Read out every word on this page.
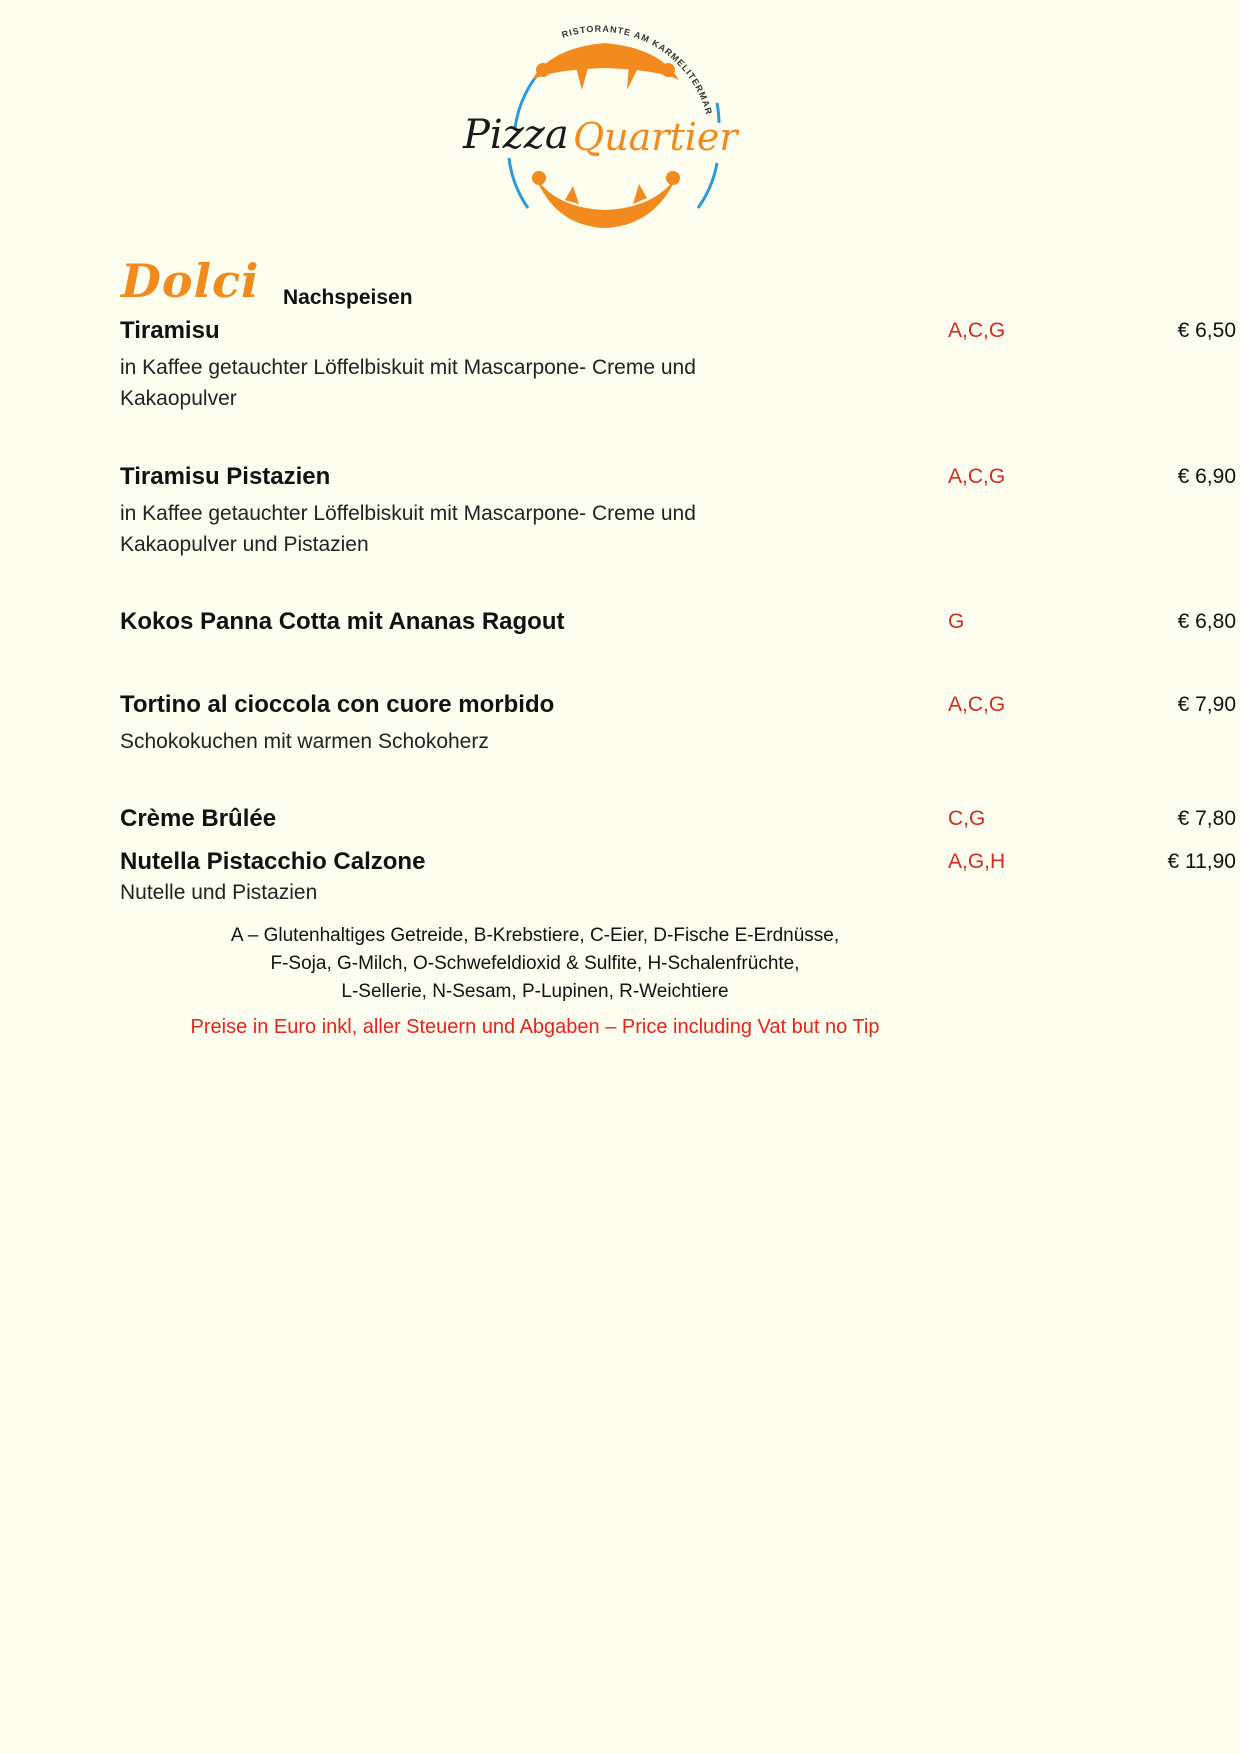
RISTORANTE AM KARMELITERMAR
Pizza Quartier
Dolci Nachspeisen
Tiramisu
in Kaffee getauchter Löffelbiskuit mit Mascarpone- Creme und Kakaopulver
A,C,G	€ 6,50
Tiramisu Pistazien
in Kaffee getauchter Löffelbiskuit mit Mascarpone- Creme und Kakaopulver und Pistazien
A,C,G	€ 6,90
Kokos Panna Cotta mit Ananas Ragout	G	€ 6,80
Tortino al cioccola con cuore morbido
Schokokuchen mit warmen Schokoherz
A,C,G	€ 7,90
Crème Brûlée	C,G	€ 7,80
Nutella Pistacchio Calzone
Nutelle und Pistazien
A,G,H	€ 11,90
A – Glutenhaltiges Getreide, B-Krebstiere, C-Eier, D-Fische E-Erdnüsse,
F-Soja, G-Milch, O-Schwefeldioxid & Sulfite, H-Schalenfrüchte,
L-Sellerie, N-Sesam, P-Lupinen, R-Weichtiere
Preise in Euro inkl, aller Steuern und Abgaben – Price including Vat but no Tip
